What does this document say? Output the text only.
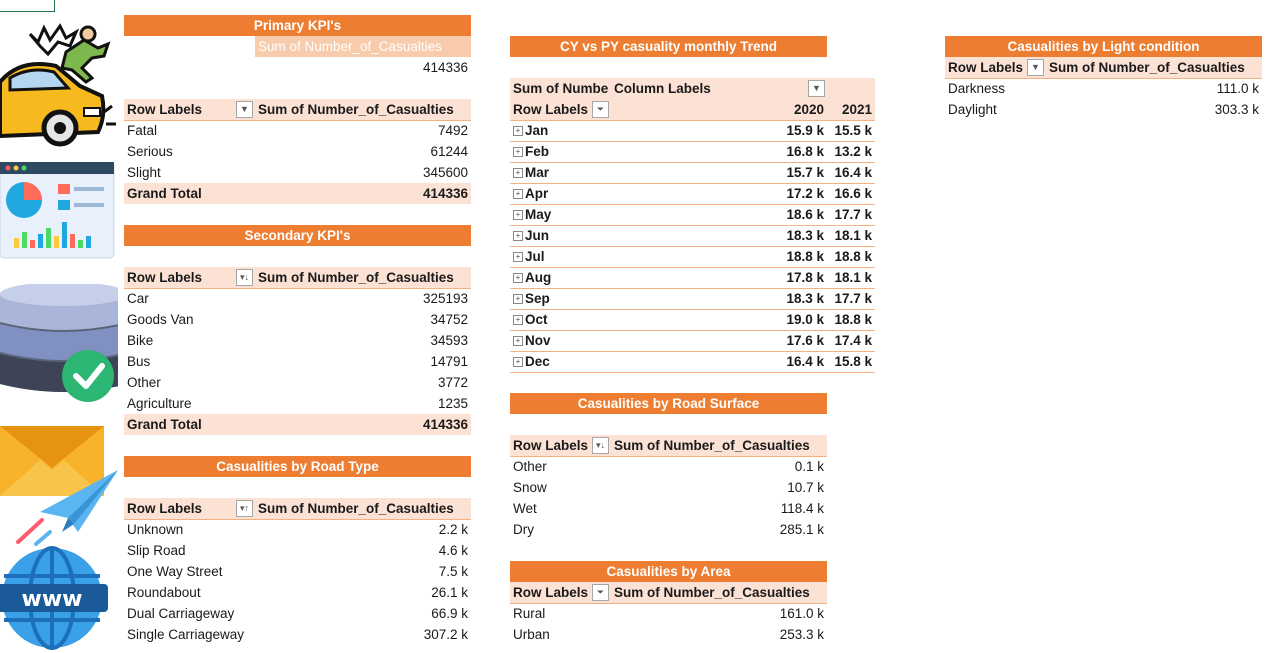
www
Primary KPI's
Sum of Number_of_Casualties
414336
Row Labels	▼ Sum of Number_of_Casualties
Fatal	7492
Serious	61244
Slight	345600
Grand Total	414336
Secondary KPI's
Row Labels	▾↓ Sum of Number_of_Casualties
Car	325193
Goods Van	34752
Bike	34593
Bus	14791
Other	3772
Agriculture	1235
Grand Total	414336
Casualities by Road Type
Row Labels	▾↑ Sum of Number_of_Casualties
Unknown	2.2 k
Slip Road	4.6 k
One Way Street	7.5 k
Roundabout	26.1 k
Dual Carriageway	66.9 k
Single Carriageway	307.2 k
CY vs PY casuality monthly Trend
Sum of Numbe Column Labels	▼
Row Labels ⏷	2020	2021
+ Jan	15.9 k 15.5 k
+ Feb	16.8 k 13.2 k
+ Mar	15.7 k 16.4 k
+ Apr	17.2 k 16.6 k
+ May	18.6 k 17.7 k
+ Jun	18.3 k 18.1 k
+ Jul	18.8 k 18.8 k
+ Aug	17.8 k 18.1 k
+ Sep	18.3 k 17.7 k
+ Oct	19.0 k 18.8 k
+ Nov	17.6 k 17.4 k
+ Dec	16.4 k 15.8 k
Casualities by Road Surface
Row Labels ▾↓ Sum of Number_of_Casualties
Other	0.1 k
Snow	10.7 k
Wet	118.4 k
Dry	285.1 k
Casualities by Area
Row Labels ⏷ Sum of Number_of_Casualties
Rural	161.0 k
Urban	253.3 k
Casualities by Light condition
Row Labels ▼ Sum of Number_of_Casualties
Darkness	111.0 k
Daylight	303.3 k
